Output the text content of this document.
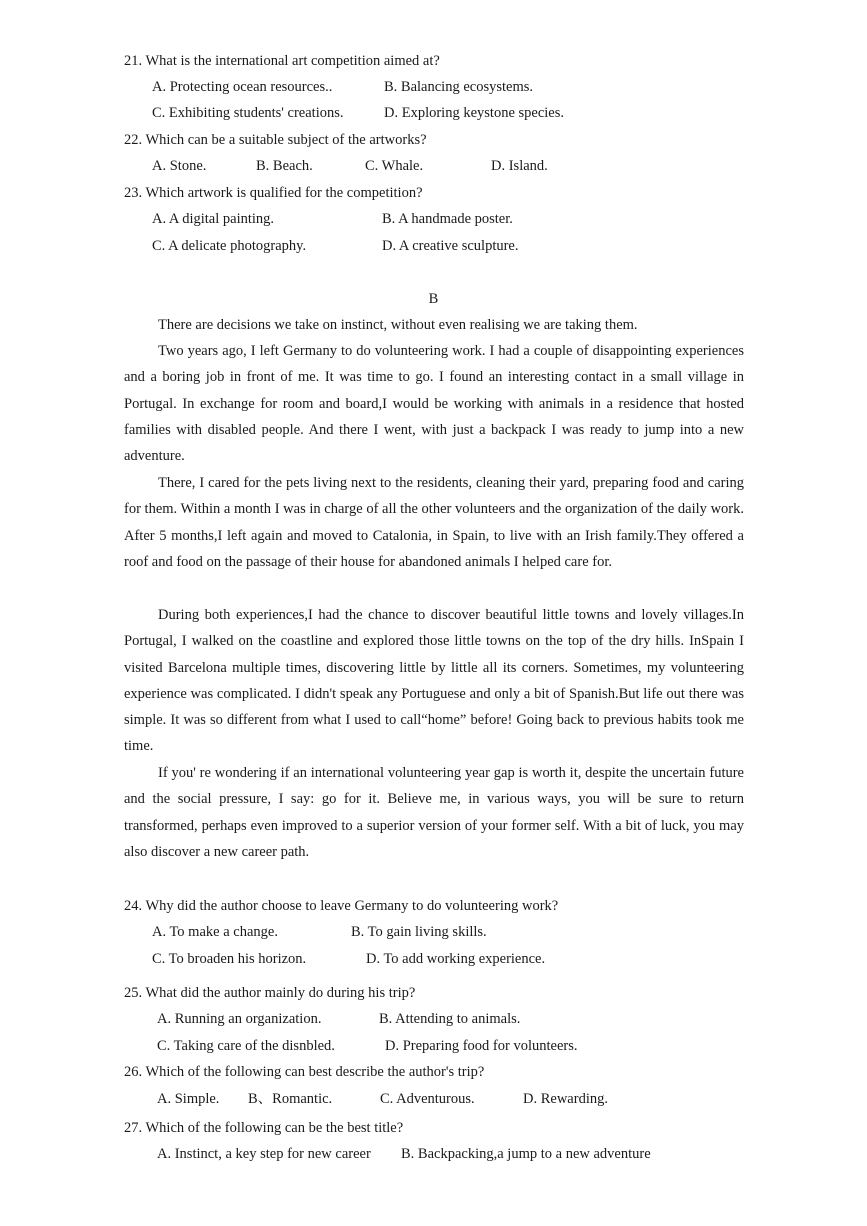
21. What is the international art competition aimed at?
A. Protecting ocean resources..	B. Balancing ecosystems.
C. Exhibiting students' creations.	D. Exploring keystone species.
22. Which can be a suitable subject of the artworks?
A. Stone.	B. Beach.	C. Whale.	D. Island.
23. Which artwork is qualified for the competition?
A. A digital painting.	B. A handmade poster.
C. A delicate photography.	D. A creative sculpture.
B

There are decisions we take on instinct, without even realising we are taking them.

Two years ago, I left Germany to do volunteering work. I had a couple of disappointing experiences and a boring job in front of me. It was time to go. I found an interesting contact in a small village in Portugal. In exchange for room and board,I would be working with animals in a residence that hosted families with disabled people. And there I went, with just a backpack I was ready to jump into a new adventure.

There, I cared for the pets living next to the residents, cleaning their yard, preparing food and caring for them. Within a month I was in charge of all the other volunteers and the organization of the daily work. After 5 months,I left again and moved to Catalonia, in Spain, to live with an Irish family.They offered a roof and food on the passage of their house for abandoned animals I helped care for.

During both experiences,I had the chance to discover beautiful little towns and lovely villages.In Portugal, I walked on the coastline and explored those little towns on the top of the dry hills. InSpain I visited Barcelona multiple times, discovering little by little all its corners. Sometimes, my volunteering experience was complicated. I didn't speak any Portuguese and only a bit of Spanish.But life out there was simple. It was so different from what I used to call“home” before! Going back to previous habits took me time.

If you' re wondering if an international volunteering year gap is worth it, despite the uncertain future and the social pressure, I say: go for it. Believe me, in various ways, you will be sure to return transformed, perhaps even improved to a superior version of your former self. With a bit of luck, you may also discover a new career path.

24. Why did the author choose to leave Germany to do volunteering work?
A. To make a change.	B. To gain living skills.
C. To broaden his horizon.	D. To add working experience.
25. What did the author mainly do during his trip?
A. Running an organization.	B. Attending to animals.
C. Taking care of the disnbled.	D. Preparing food for volunteers.
26. Which of the following can best describe the author's trip?
A. Simple. B、Romantic.	C. Adventurous.	D. Rewarding.
27. Which of the following can be the best title?
A. Instinct, a key step for new career B. Backpacking,a jump to a new adventure
